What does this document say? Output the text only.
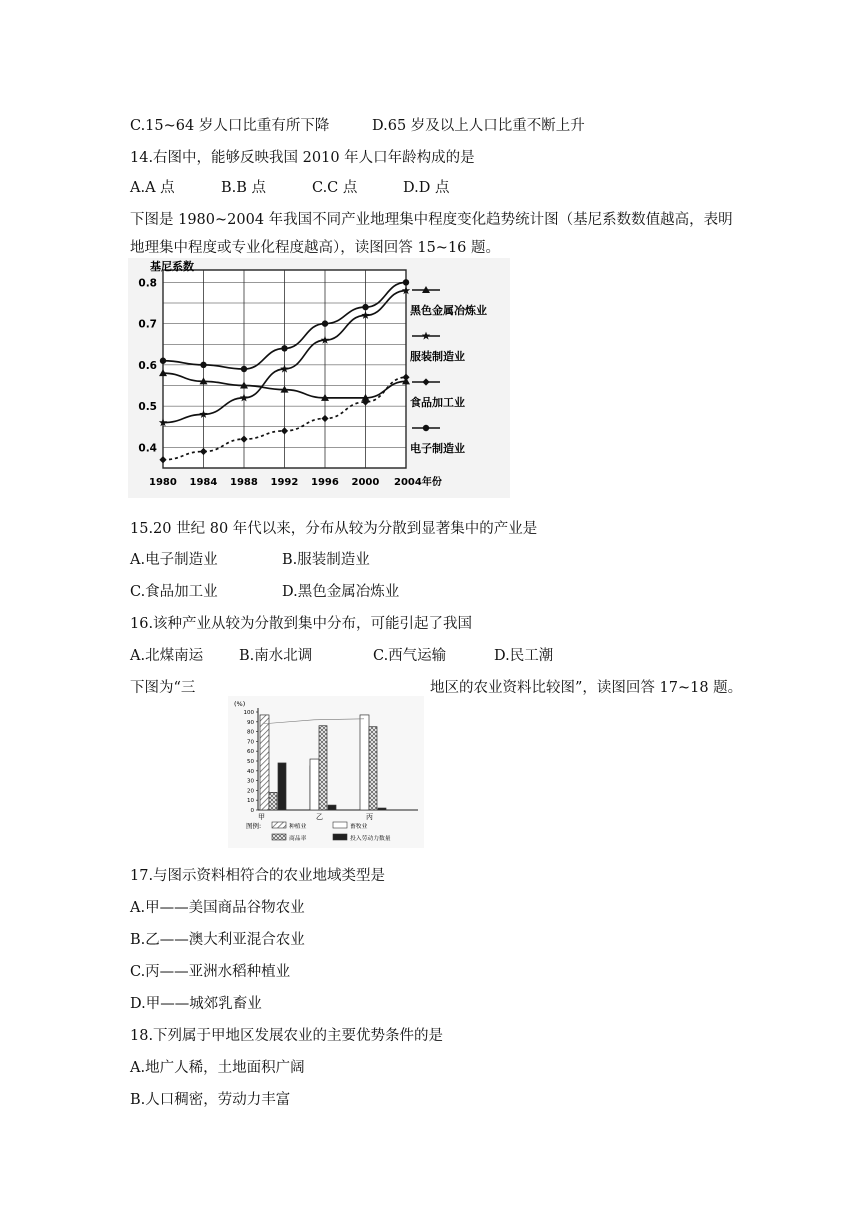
C.15~64 岁人口比重有所下降	D.65 岁及以上人口比重不断上升
14.右图中，能够反映我国 2010 年人口年龄构成的是
A.A 点	B.B 点	C.C 点	D.D 点
下图是 1980~2004 年我国不同产业地理集中程度变化趋势统计图（基尼系数数值越高，表明
地理集中程度或专业化程度越高），读图回答 15~16 题。
基尼系数
0.4
0.5
0.6
0.7
0.8
1980 1984 1988 1992 1996 2000 2004年份
黑色金属冶炼业
服装制造业
食品加工业
电子制造业
15.20 世纪 80 年代以来，分布从较为分散到显著集中的产业是
A.电子制造业	B.服装制造业
C.食品加工业	D.黑色金属冶炼业
16.该种产业从较为分散到集中分布，可能引起了我国
A.北煤南运 B.南水北调	C.西气运输	D.民工潮
下图为“三	地区的农业资料比较图”，读图回答 17~18 题。
(%)
0
10
20
30
40
50
60
70
80
90
100
甲	乙	丙
图例:	种植业	畜牧业
商品率	投入劳动力数量
17.与图示资料相符合的农业地域类型是
A.甲——美国商品谷物农业
B.乙——澳大利亚混合农业
C.丙——亚洲水稻种植业
D.甲——城郊乳畜业
18.下列属于甲地区发展农业的主要优势条件的是
A.地广人稀，土地面积广阔
B.人口稠密，劳动力丰富
